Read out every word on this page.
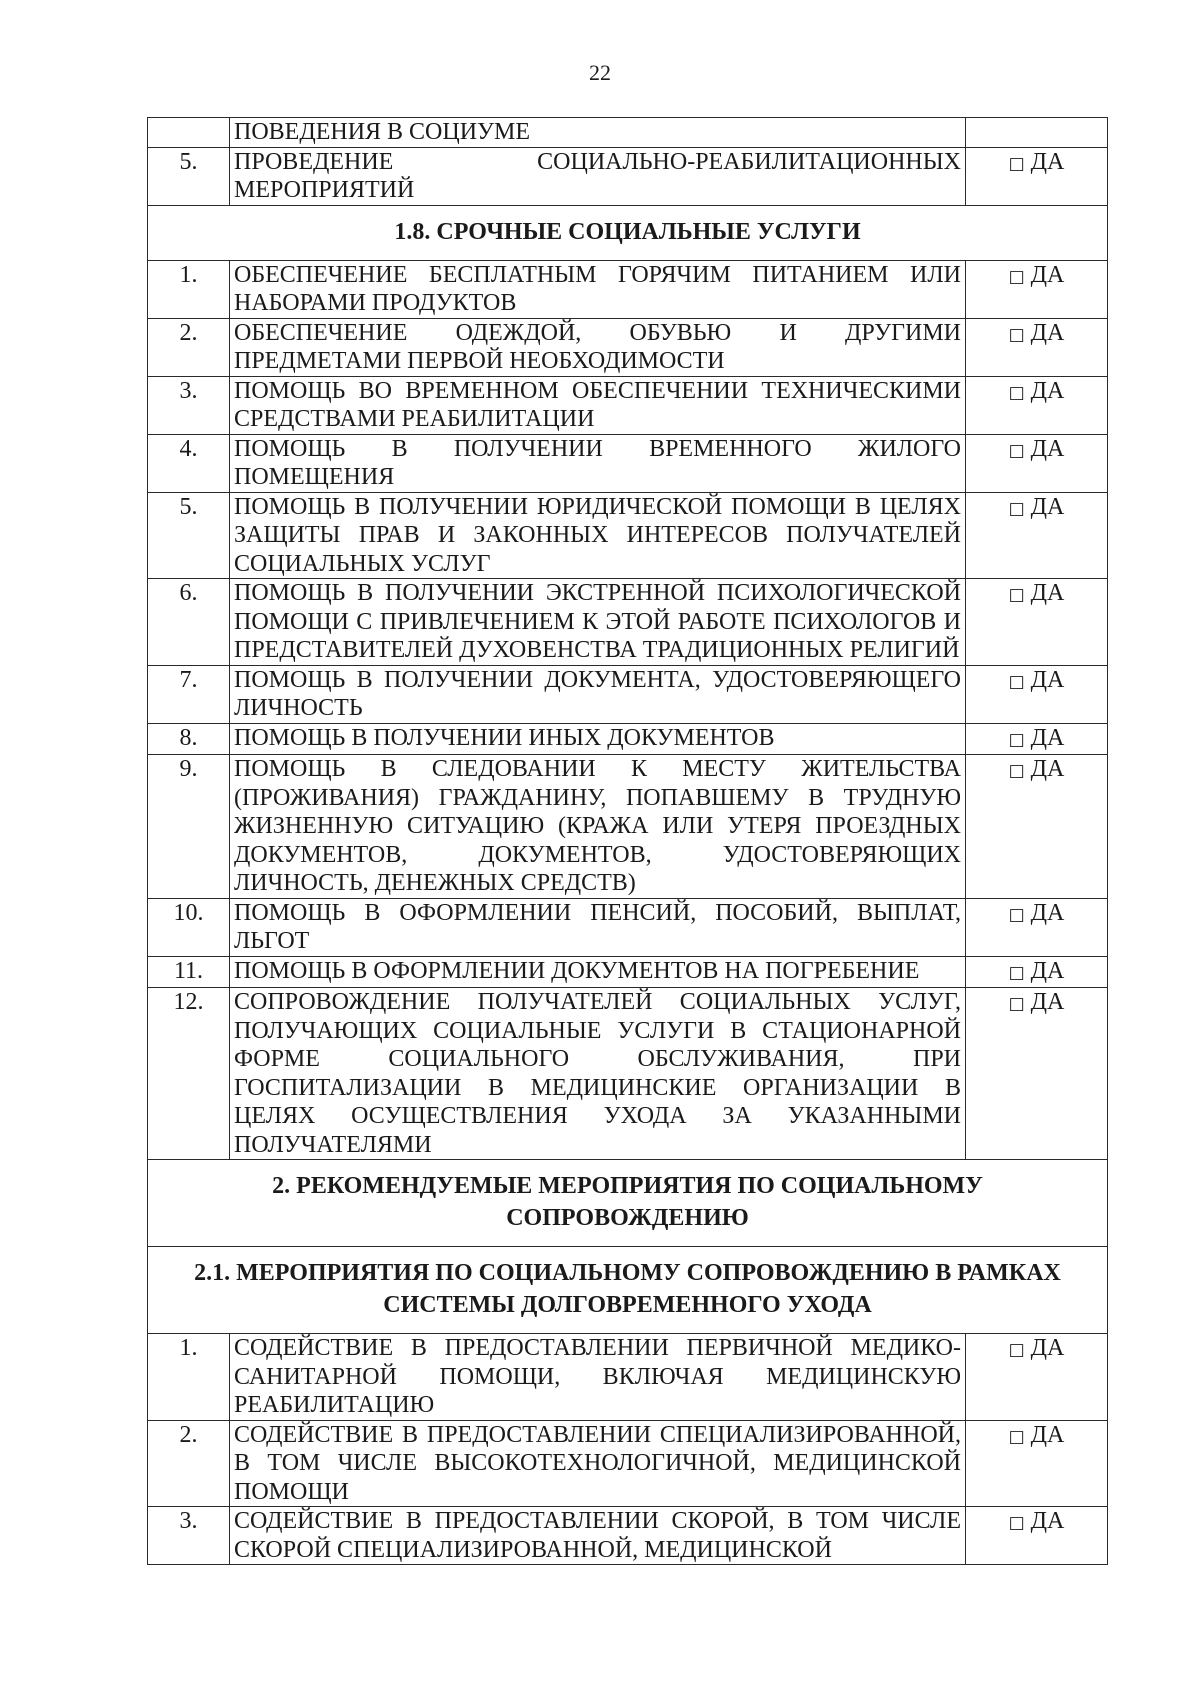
22
	ПОВЕДЕНИЯ В СОЦИУМЕ	
5.	ПРОВЕДЕНИЕ СОЦИАЛЬНО-РЕАБИЛИТАЦИОННЫХ МЕРОПРИЯТИЙ	□ ДА
1.8. СРОЧНЫЕ СОЦИАЛЬНЫЕ УСЛУГИ		
1.	ОБЕСПЕЧЕНИЕ БЕСПЛАТНЫМ ГОРЯЧИМ ПИТАНИЕМ ИЛИ НАБОРАМИ ПРОДУКТОВ	□ ДА
2.	ОБЕСПЕЧЕНИЕ ОДЕЖДОЙ, ОБУВЬЮ И ДРУГИМИ ПРЕДМЕТАМИ ПЕРВОЙ НЕОБХОДИМОСТИ	□ ДА
3.	ПОМОЩЬ ВО ВРЕМЕННОМ ОБЕСПЕЧЕНИИ ТЕХНИЧЕСКИМИ СРЕДСТВАМИ РЕАБИЛИТАЦИИ	□ ДА
4.	ПОМОЩЬ В ПОЛУЧЕНИИ ВРЕМЕННОГО ЖИЛОГО ПОМЕЩЕНИЯ	□ ДА
5.	ПОМОЩЬ В ПОЛУЧЕНИИ ЮРИДИЧЕСКОЙ ПОМОЩИ В ЦЕЛЯХ ЗАЩИТЫ ПРАВ И ЗАКОННЫХ ИНТЕРЕСОВ ПОЛУЧАТЕЛЕЙ СОЦИАЛЬНЫХ УСЛУГ	□ ДА
6.	ПОМОЩЬ В ПОЛУЧЕНИИ ЭКСТРЕННОЙ ПСИХОЛОГИЧЕСКОЙ ПОМОЩИ С ПРИВЛЕЧЕНИЕМ К ЭТОЙ РАБОТЕ ПСИХОЛОГОВ И ПРЕДСТАВИТЕЛЕЙ ДУХОВЕНСТВА ТРАДИЦИОННЫХ РЕЛИГИЙ	□ ДА
7.	ПОМОЩЬ В ПОЛУЧЕНИИ ДОКУМЕНТА, УДОСТОВЕРЯЮЩЕГО ЛИЧНОСТЬ	□ ДА
8.	ПОМОЩЬ В ПОЛУЧЕНИИ ИНЫХ ДОКУМЕНТОВ	□ ДА
9.	ПОМОЩЬ В СЛЕДОВАНИИ К МЕСТУ ЖИТЕЛЬСТВА (ПРОЖИВАНИЯ) ГРАЖДАНИНУ, ПОПАВШЕМУ В ТРУДНУЮ ЖИЗНЕННУЮ СИТУАЦИЮ (КРАЖА ИЛИ УТЕРЯ ПРОЕЗДНЫХ ДОКУМЕНТОВ, ДОКУМЕНТОВ, УДОСТОВЕРЯЮЩИХ ЛИЧНОСТЬ, ДЕНЕЖНЫХ СРЕДСТВ)	□ ДА
10.	ПОМОЩЬ В ОФОРМЛЕНИИ ПЕНСИЙ, ПОСОБИЙ, ВЫПЛАТ, ЛЬГОТ	□ ДА
11.	ПОМОЩЬ В ОФОРМЛЕНИИ ДОКУМЕНТОВ НА ПОГРЕБЕНИЕ	□ ДА
12.	СОПРОВОЖДЕНИЕ ПОЛУЧАТЕЛЕЙ СОЦИАЛЬНЫХ УСЛУГ, ПОЛУЧАЮЩИХ СОЦИАЛЬНЫЕ УСЛУГИ В СТАЦИОНАРНОЙ ФОРМЕ СОЦИАЛЬНОГО ОБСЛУЖИВАНИЯ, ПРИ ГОСПИТАЛИЗАЦИИ В МЕДИЦИНСКИЕ ОРГАНИЗАЦИИ В ЦЕЛЯХ ОСУЩЕСТВЛЕНИЯ УХОДА ЗА УКАЗАННЫМИ ПОЛУЧАТЕЛЯМИ	□ ДА
2. РЕКОМЕНДУЕМЫЕ МЕРОПРИЯТИЯ ПО СОЦИАЛЬНОМУ СОПРОВОЖДЕНИЮ		
2.1. МЕРОПРИЯТИЯ ПО СОЦИАЛЬНОМУ СОПРОВОЖДЕНИЮ В РАМКАХ СИСТЕМЫ ДОЛГОВРЕМЕННОГО УХОДА		
1.	СОДЕЙСТВИЕ В ПРЕДОСТАВЛЕНИИ ПЕРВИЧНОЙ МЕДИКО-САНИТАРНОЙ ПОМОЩИ, ВКЛЮЧАЯ МЕДИЦИНСКУЮ РЕАБИЛИТАЦИЮ	□ ДА
2.	СОДЕЙСТВИЕ В ПРЕДОСТАВЛЕНИИ СПЕЦИАЛИЗИРОВАННОЙ, В ТОМ ЧИСЛЕ ВЫСОКОТЕХНОЛОГИЧНОЙ, МЕДИЦИНСКОЙ ПОМОЩИ	□ ДА
3.	СОДЕЙСТВИЕ В ПРЕДОСТАВЛЕНИИ СКОРОЙ, В ТОМ ЧИСЛЕ СКОРОЙ СПЕЦИАЛИЗИРОВАННОЙ, МЕДИЦИНСКОЙ	□ ДА
